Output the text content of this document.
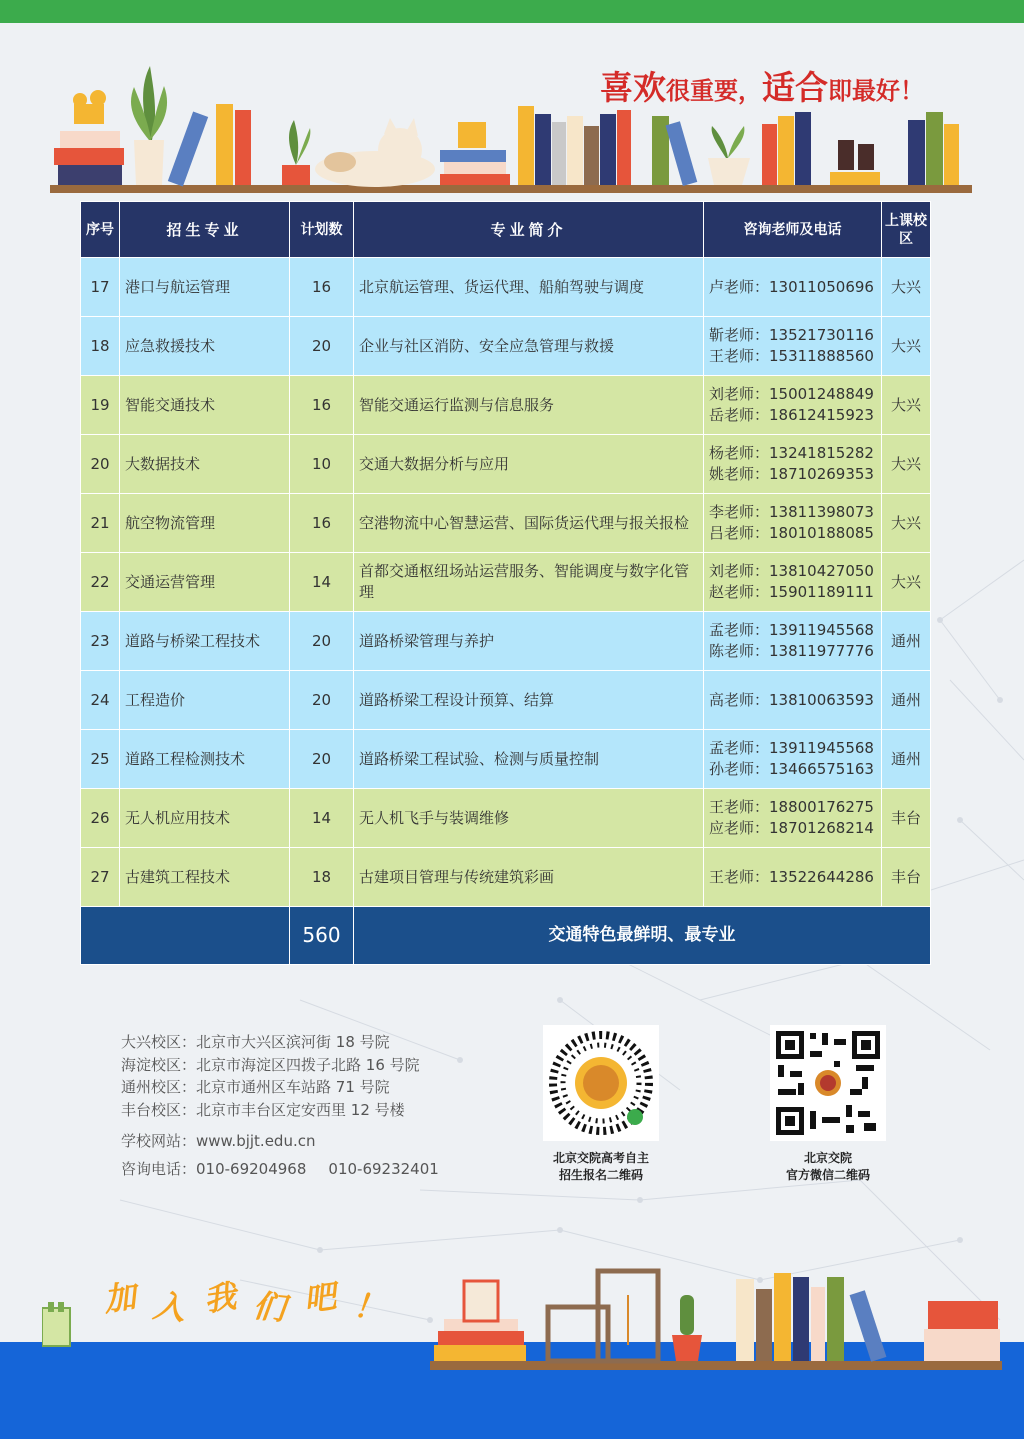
喜欢很重要，适合即最好！
序号	招生专业	计划数	专业简介	咨询老师及电话	上课校区
17	港口与航运管理	16	北京航运管理、货运代理、船舶驾驶与调度	卢老师：13011050696	大兴
18	应急救援技术	20	企业与社区消防、安全应急管理与救援	靳老师：13521730116
王老师：15311888560	大兴
19	智能交通技术	16	智能交通运行监测与信息服务	刘老师：15001248849
岳老师：18612415923	大兴
20	大数据技术	10	交通大数据分析与应用	杨老师：13241815282
姚老师：18710269353	大兴
21	航空物流管理	16	空港物流中心智慧运营、国际货运代理与报关报检	李老师：13811398073
吕老师：18010188085	大兴
22	交通运营管理	14	首都交通枢纽场站运营服务、智能调度与数字化管理	刘老师：13810427050
赵老师：15901189111	大兴
23	道路与桥梁工程技术	20	道路桥梁管理与养护	孟老师：13911945568
陈老师：13811977776	通州
24	工程造价	20	道路桥梁工程设计预算、结算	高老师：13810063593	通州
25	道路工程检测技术	20	道路桥梁工程试验、检测与质量控制	孟老师：13911945568
孙老师：13466575163	通州
26	无人机应用技术	14	无人机飞手与装调维修	王老师：18800176275
应老师：18701268214	丰台
27	古建筑工程技术	18	古建项目管理与传统建筑彩画	王老师：13522644286	丰台
		560	交通特色最鲜明、最专业		
大兴校区：北京市大兴区滨河街 18 号院
海淀校区：北京市海淀区四拨子北路 16 号院
通州校区：北京市通州区车站路 71 号院
丰台校区：北京市丰台区定安西里 12 号楼
学校网站：www.bjjt.edu.cn
咨询电话：010-69204968 010-69232401
北京交院高考自主
招生报名二维码
北京交院
官方微信二维码
加 入 我 们 吧 ！
